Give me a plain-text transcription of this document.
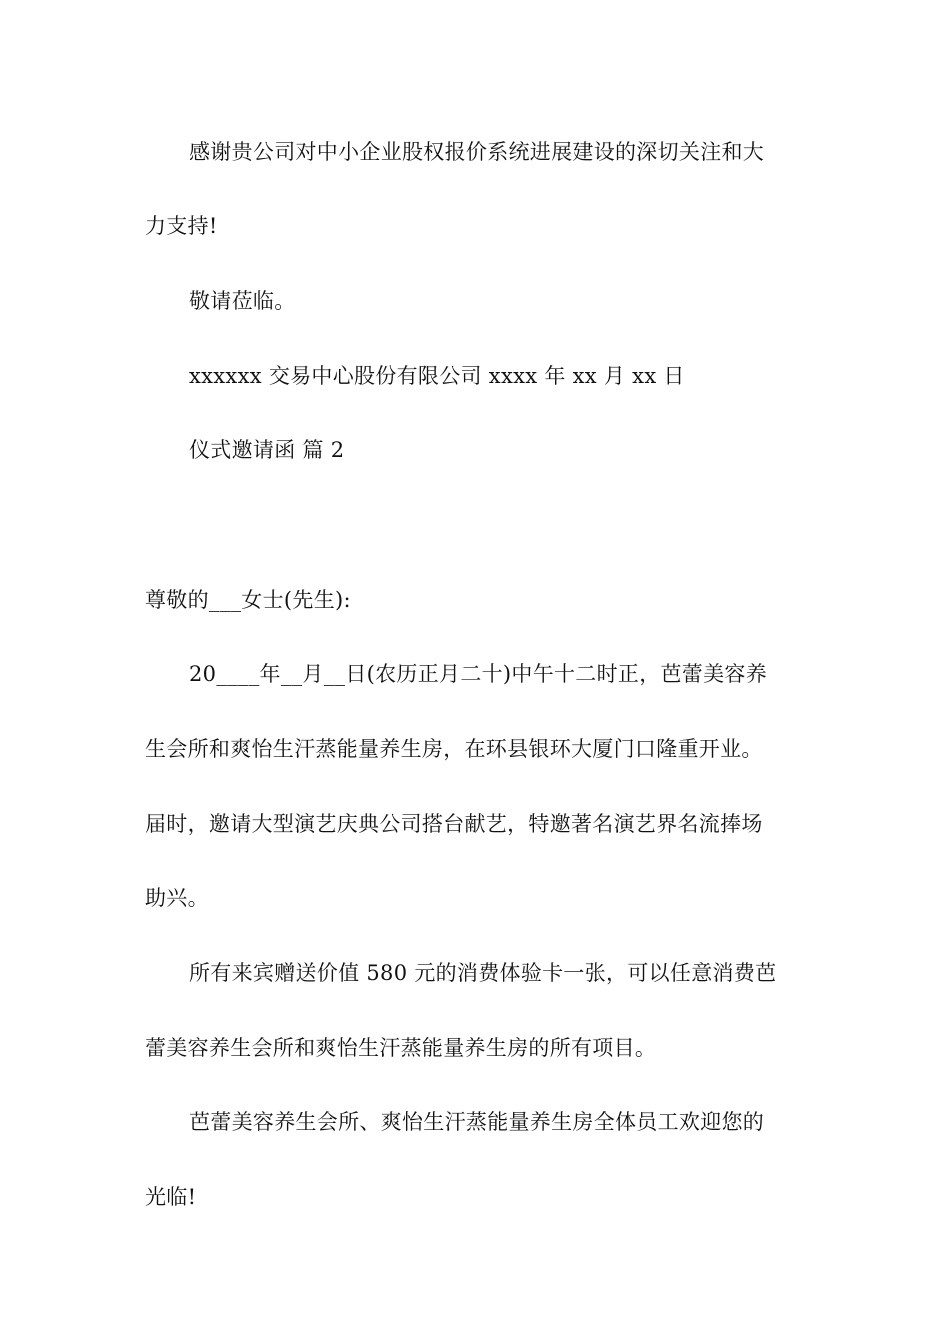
感谢贵公司对中小企业股权报价系统进展建设的深切关注和大
力支持!
敬请莅临。
xxxxxx 交易中心股份有限公司 xxxx 年 xx 月 xx 日
仪式邀请函 篇 2
尊敬的___女士(先生):
20____年__月__日(农历正月二十)中午十二时正，芭蕾美容养
生会所和爽怡生汗蒸能量养生房，在环县银环大厦门口隆重开业。
届时，邀请大型演艺庆典公司搭台献艺，特邀著名演艺界名流捧场
助兴。
所有来宾赠送价值 580 元的消费体验卡一张，可以任意消费芭
蕾美容养生会所和爽怡生汗蒸能量养生房的所有项目。
芭蕾美容养生会所、爽怡生汗蒸能量养生房全体员工欢迎您的
光临!
